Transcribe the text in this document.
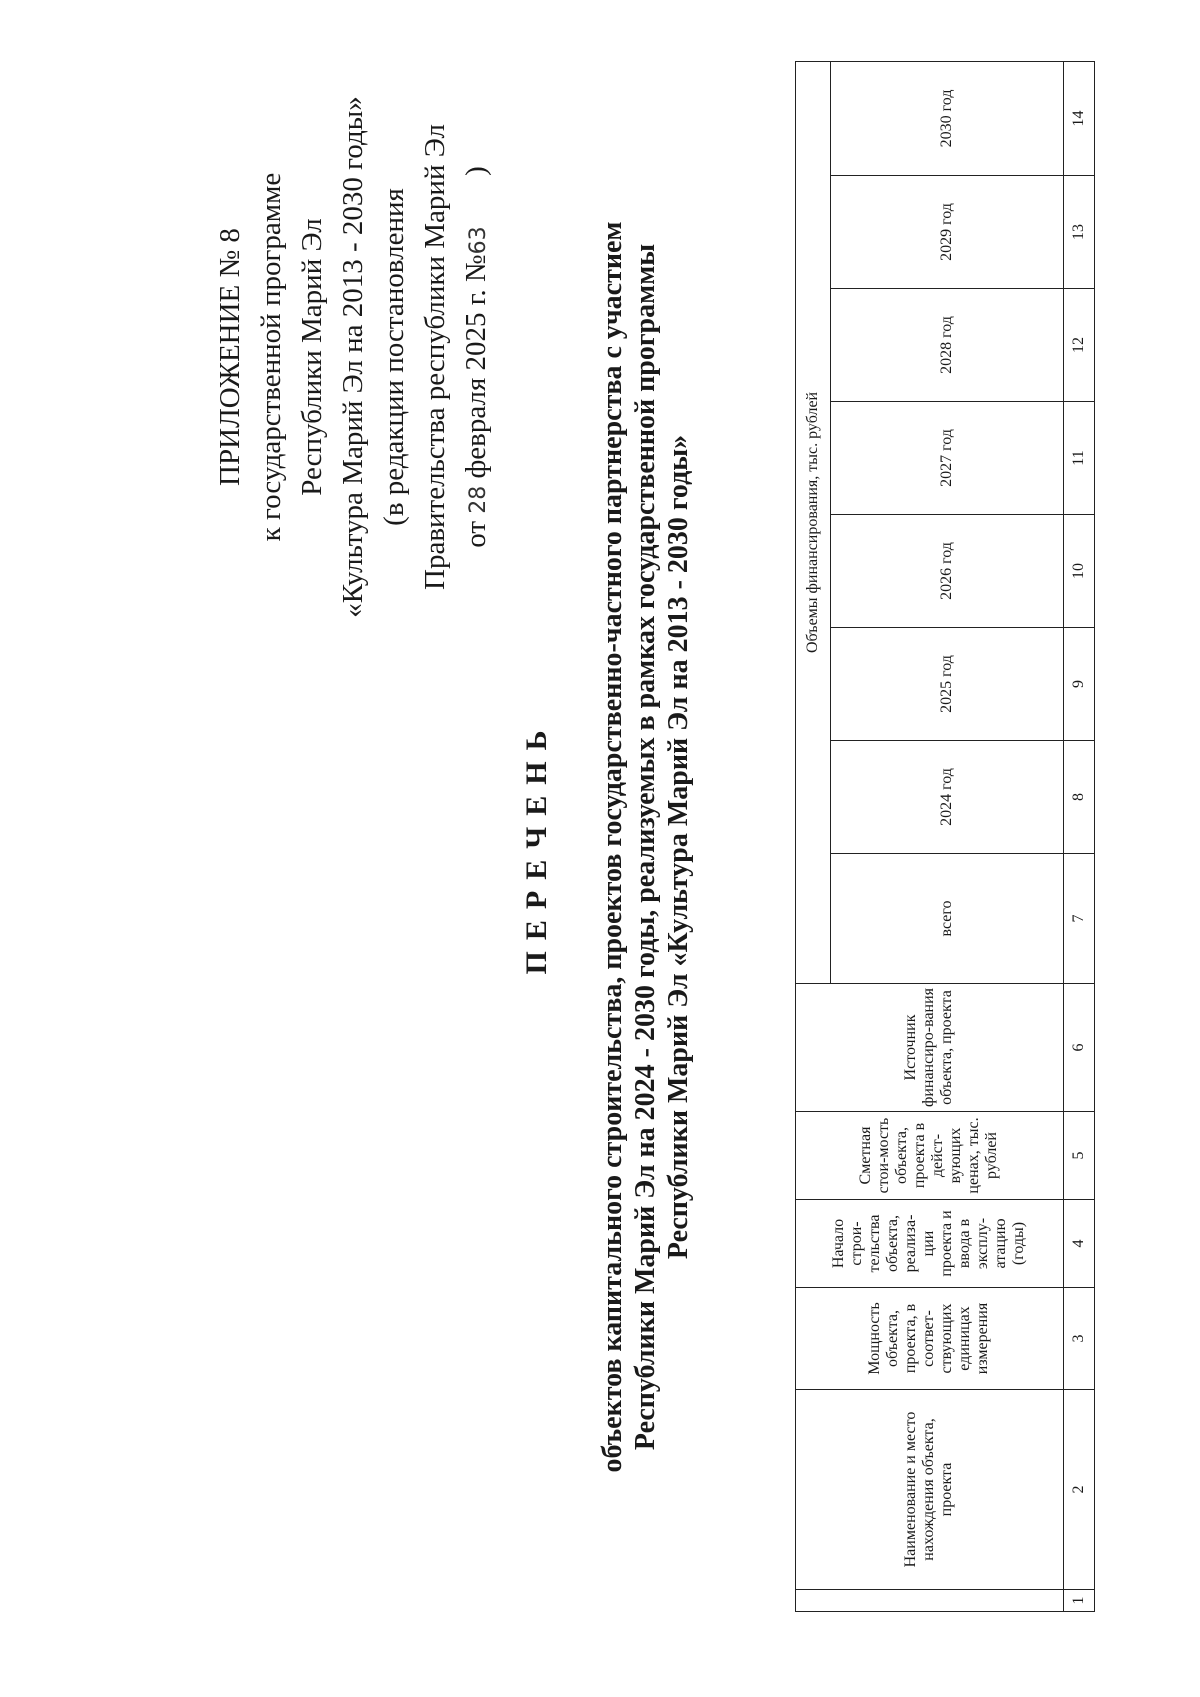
ПРИЛОЖЕНИЕ № 8 к государственной программе Республики Марий Эл «Культура Марий Эл на 2013 - 2030 годы» (в редакции постановления Правительства республики Марий Эл от 28 февраля 2025 г. №63  )
ПЕРЕЧЕНЬ объектов капитального строительства, проектов государственно-частного партнерства с участием Республики Марий Эл на 2024 - 2030 годы, реализуемых в рамках государственной программы Республики Марий Эл «Культура Марий Эл на 2013 - 2030 годы»
	Наименование и место нахождения объекта, проекта	Мощность объекта, проекта, в соответ-ствующих единицах измерения	Начало строи-тельства объекта, реализа-ции проекта и ввода в эксплу-атацию (годы)	Сметная стои-мость объекта, проекта в дейст-вующих ценах, тыс. рублей	Источник финансиро-вания объекта, проекта	Объемы финансирования, тыс. рублей							
						всего	2024 год	2025 год	2026 год	2027 год	2028 год	2029 год	2030 год
1	2	3	4	5	6	7	8	9	10	11	12	13	14
